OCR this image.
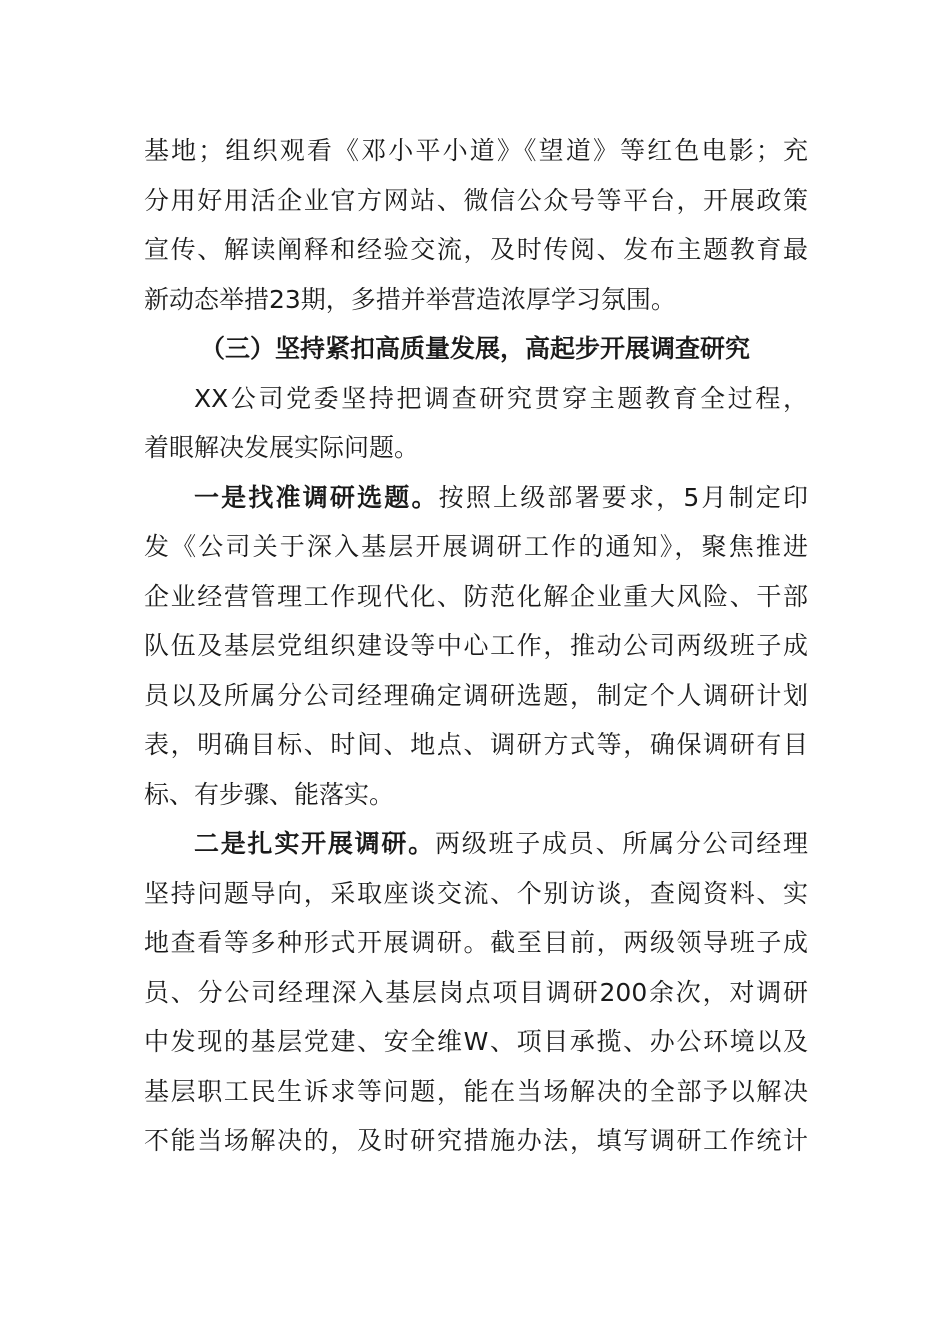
基地；组织观看《邓小平小道》《望道》等红色电影；充
分用好用活企业官方网站、微信公众号等平台，开展政策
宣传、解读阐释和经验交流，及时传阅、发布主题教育最
新动态举措23期，多措并举营造浓厚学习氛围。
（三）坚持紧扣高质量发展，高起步开展调查研究
XX公司党委坚持把调查研究贯穿主题教育全过程，
着眼解决发展实际问题。
一是找准调研选题。按照上级部署要求，5月制定印
发《公司关于深入基层开展调研工作的通知》，聚焦推进
企业经营管理工作现代化、防范化解企业重大风险、干部
队伍及基层党组织建设等中心工作，推动公司两级班子成
员以及所属分公司经理确定调研选题，制定个人调研计划
表，明确目标、时间、地点、调研方式等，确保调研有目
标、有步骤、能落实。
二是扎实开展调研。两级班子成员、所属分公司经理
坚持问题导向，采取座谈交流、个别访谈，查阅资料、实
地查看等多种形式开展调研。截至目前，两级领导班子成
员、分公司经理深入基层岗点项目调研200余次，对调研
中发现的基层党建、安全维W、项目承揽、办公环境以及
基层职工民生诉求等问题，能在当场解决的全部予以解决
不能当场解决的，及时研究措施办法，填写调研工作统计
